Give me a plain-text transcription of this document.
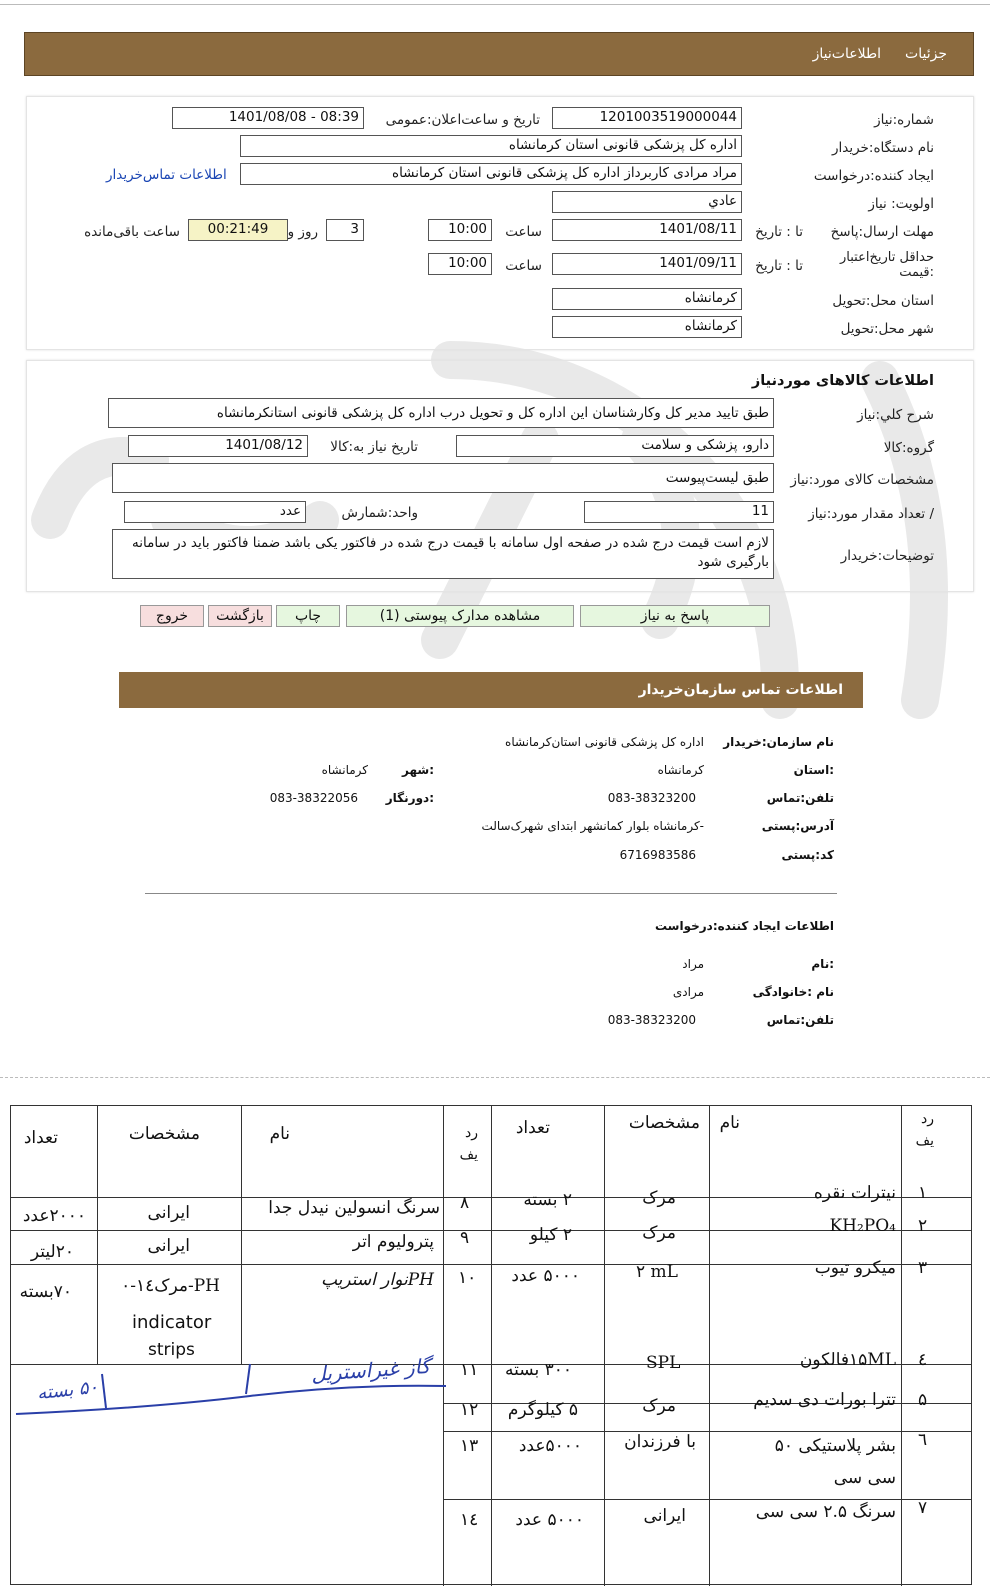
جزئیات
اطلاعات‌نیاز
شماره:نیاز
1201003519000044
تاریخ و ساعت‌اعلان:عمومی
1401/08/08 - 08:39
نام دستگاه:خریدار
اداره کل پزشکی قانونی استان کرمانشاه
ایجاد کننده:درخواست
مراد مرادی کاربرداز اداره کل پزشکی قانونی استان کرمانشاه
اطلاعات تماس‌خریدار
اولویت: نیاز
عادي
مهلت ارسال:پاسخ
تا : تاریخ
1401/08/11
ساعت
10:00
3
روز و
00:21:49
ساعت باقی‌مانده
حداقل تاریخ‌اعتبار :قیمت
تا : تاریخ
1401/09/11
ساعت
10:00
استان محل:تحویل
کرمانشاه
شهر محل:تحویل
کرمانشاه
اطلاعات کالاهای موردنیاز
شرح كلي:نیاز
طبق تایید مدیر کل وکارشناسان این اداره کل و تحویل درب اداره کل پزشکی قانونی استانکرمانشاه
گروه:کالا
دارو، پزشکی و سلامت
تاریخ نیاز به:کالا
1401/08/12
مشخصات کالای مورد:نیاز
طبق لیست‌پیوست
/ تعداد مقدار مورد:نیاز
11
واحد:شمارش
عدد
توضیحات:خریدار
لازم است قیمت درج شده در صفحه اول سامانه با قیمت درج شده در فاکتور یکی باشد ضمنا فاکتور باید در سامانه بارگیری شود
پاسخ به نیاز
مشاهده مدارک پیوستی (1)
چاپ
بازگشت
خروج
اطلاعات تماس سازمان‌خریدار
نام سازمان:خریدار
اداره کل پزشکی قانونی استان‌کرمانشاه
:استان
کرمانشاه
:شهر
کرمانشاه
تلفن:تماس
083-38323200
:دورنگار
083-38322056
آدرس:پستی
-کرمانشاه بلوار کمانشهر ابتدای شهرک‌سالت
کد:پستی
6716983586
اطلاعات ایجاد کننده:درخواست
:نام
مراد
نام :خانوادگی
مرادی
تلفن:تماس
083-38323200
رد یف
نام
مشخصات
تعداد
رد یف
نام
مشخصات
تعداد
١
نیترات نقره
مرک
۲ بسته
۲
KH₂PO₄
مرک
۲ کیلو
۳
میکرو تیوب
۲ mL
۵۰۰۰ عدد
٤
۱۵MLفالکون
SPL
۳۰۰ بسته
۵
تترا بورات دی سدیم
مرک
۵ کیلوگرم
٦
بشر پلاستیکی ۵۰ سی سی
با فرزندان
۵۰۰۰عدد
۷
سرنگ ۲.۵ سی سی
ایرانی
۵۰۰۰ عدد
۸
سرنگ انسولین نیدل جدا
ایرانی
۲۰۰۰عدد
۹
پترولیوم اتر
ایرانی
۲۰لیتر
۱۰
PHنوار استریپ
PH-مرک۱٤-۰
indicator
strips
۷۰بسته
۱۱
۱۲
۱۳
١٤
گاز غیراستریل
۵۰ بسته
